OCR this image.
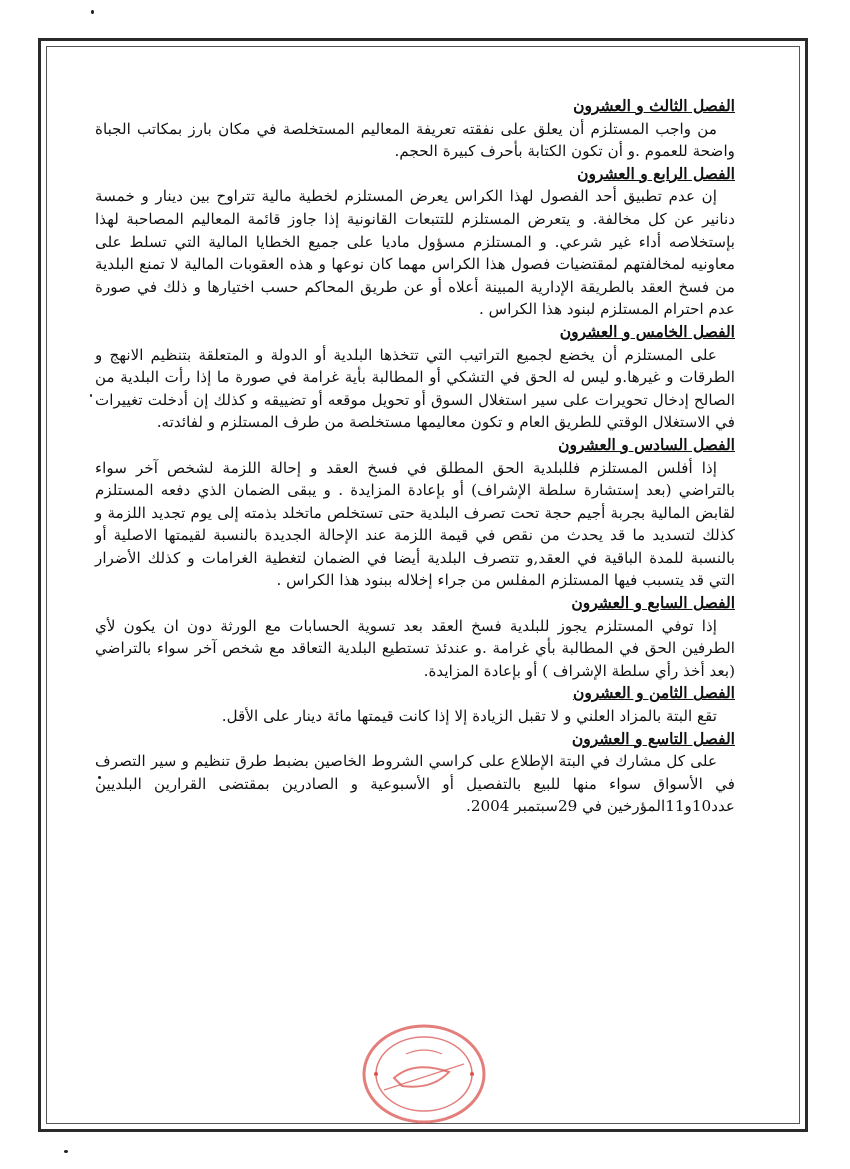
الفصل الثالث و العشرون

من واجب المستلزم أن يعلق على نفقته تعريفة المعاليم المستخلصة في مكان بارز بمكاتب الجباة واضحة للعموم .و أن تكون الكتابة بأحرف كبيرة الحجم.

الفصل الرابع و العشرون

إن عدم تطبيق أحد الفصول لهذا الكراس يعرض المستلزم لخطية مالية تتراوح بين دينار و خمسة دنانير عن كل مخالفة. و يتعرض المستلزم للتتبعات القانونية إذا جاوز قائمة المعاليم المصاحبة لهذا بإستخلاصه أداء غير شرعي. و المستلزم مسؤول ماديا على جميع الخطايا المالية التي تسلط على معاونيه لمخالفتهم لمقتضيات فصول هذا الكراس مهما كان نوعها و هذه العقوبات المالية لا تمنع البلدية من فسخ العقد بالطريقة الإدارية المبينة أعلاه أو عن طريق المحاكم حسب اختيارها و ذلك في صورة عدم احترام المستلزم لبنود هذا الكراس .

الفصل الخامس و العشرون

على المستلزم أن يخضع لجميع التراتيب التي تتخذها البلدية أو الدولة و المتعلقة بتنظيم الانهج و الطرقات و غيرها.و ليس له الحق في التشكي أو المطالبة بأية غرامة في صورة ما إذا رأت البلدية من الصالح إدخال تحويرات على سير استغلال السوق أو تحويل موقعه أو تضييقه و كذلك إن أدخلت تغييرات في الاستغلال الوقتي للطريق العام و تكون معاليمها مستخلصة من طرف المستلزم و لفائدته.

الفصل السادس و العشرون

إذا أفلس المستلزم فللبلدية الحق المطلق في فسخ العقد و إحالة اللزمة لشخص آخر سواء بالتراضي (بعد إستشارة سلطة الإشراف) أو بإعادة المزايدة . و يبقى الضمان الذي دفعه المستلزم لقابض المالية بجربة أجيم حجة تحت تصرف البلدية حتى تستخلص ماتخلد بذمته إلى يوم تجديد اللزمة و كذلك لتسديد ما قد يحدث من نقص في قيمة اللزمة عند الإحالة الجديدة بالنسبة لقيمتها الاصلية أو بالنسبة للمدة الباقية في العقد,و تتصرف البلدية أيضا في الضمان لتغطية الغرامات و كذلك الأضرار التي قد يتسبب فيها المستلزم المفلس من جراء إخلاله ببنود هذا الكراس .

الفصل السابع و العشرون

إذا توفي المستلزم يجوز للبلدية فسخ العقد بعد تسوية الحسابات مع الورثة دون ان يكون لأي الطرفين الحق في المطالبة بأي غرامة .و عندئذ تستطيع البلدية التعاقد مع شخص آخر سواء بالتراضي (بعد أخذ رأي سلطة الإشراف ) أو بإعادة المزايدة.

الفصل الثامن و العشرون

تقع البتة بالمزاد العلني و لا تقبل الزيادة إلا إذا كانت قيمتها مائة دينار على الأقل.

الفصل التاسع و العشرون

على كل مشارك في البتة الإطلاع على كراسي الشروط الخاصين بضبط طرق تنظيم و سير التصرف في الأسواق سواء منها للبيع بالتفصيل أو الأسبوعية و الصادرين بمقتضى القرارين البلديين عدد10و11المؤرخين في 29سبتمبر 2004.
